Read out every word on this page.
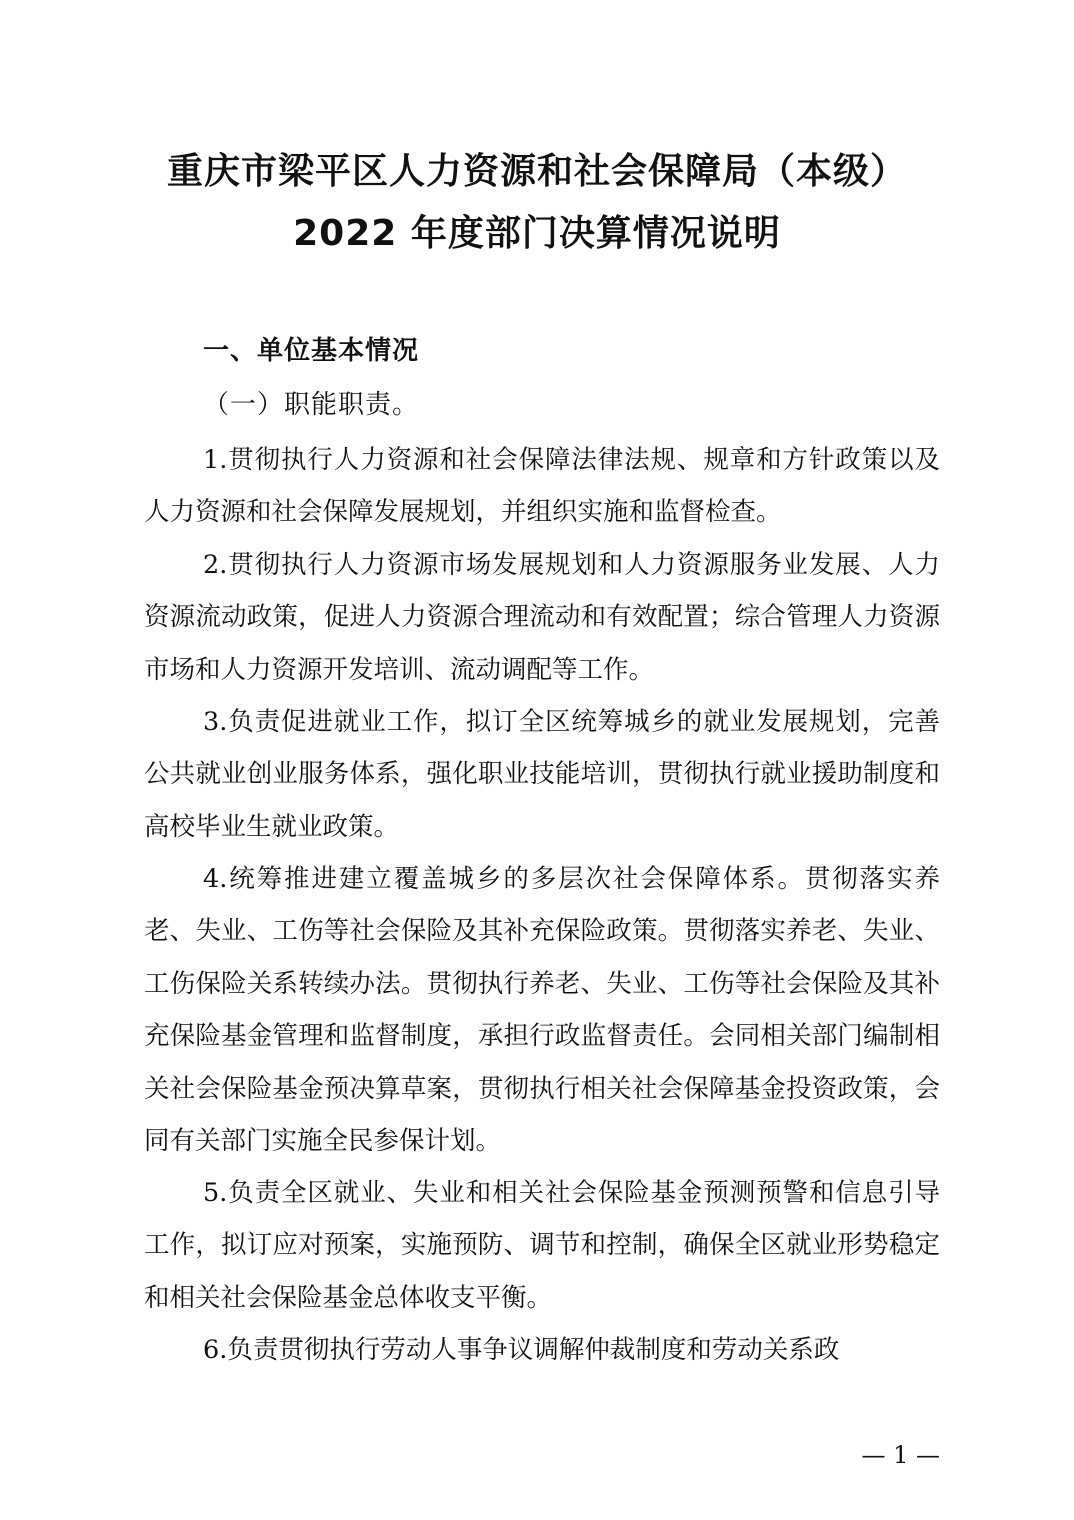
重庆市梁平区人力资源和社会保障局（本级）
2022 年度部门决算情况说明
一、单位基本情况
（一）职能职责。

1.贯彻执行人力资源和社会保障法律法规、规章和方针政策以及人力资源和社会保障发展规划，并组织实施和监督检查。

2.贯彻执行人力资源市场发展规划和人力资源服务业发展、人力资源流动政策，促进人力资源合理流动和有效配置；综合管理人力资源市场和人力资源开发培训、流动调配等工作。

3.负责促进就业工作，拟订全区统筹城乡的就业发展规划，完善公共就业创业服务体系，强化职业技能培训，贯彻执行就业援助制度和高校毕业生就业政策。

4.统筹推进建立覆盖城乡的多层次社会保障体系。贯彻落实养老、失业、工伤等社会保险及其补充保险政策。贯彻落实养老、失业、工伤保险关系转续办法。贯彻执行养老、失业、工伤等社会保险及其补充保险基金管理和监督制度，承担行政监督责任。会同相关部门编制相关社会保险基金预决算草案，贯彻执行相关社会保障基金投资政策，会同有关部门实施全民参保计划。

5.负责全区就业、失业和相关社会保险基金预测预警和信息引导工作，拟订应对预案，实施预防、调节和控制，确保全区就业形势稳定和相关社会保险基金总体收支平衡。

6.负责贯彻执行劳动人事争议调解仲裁制度和劳动关系政

— 1 —
